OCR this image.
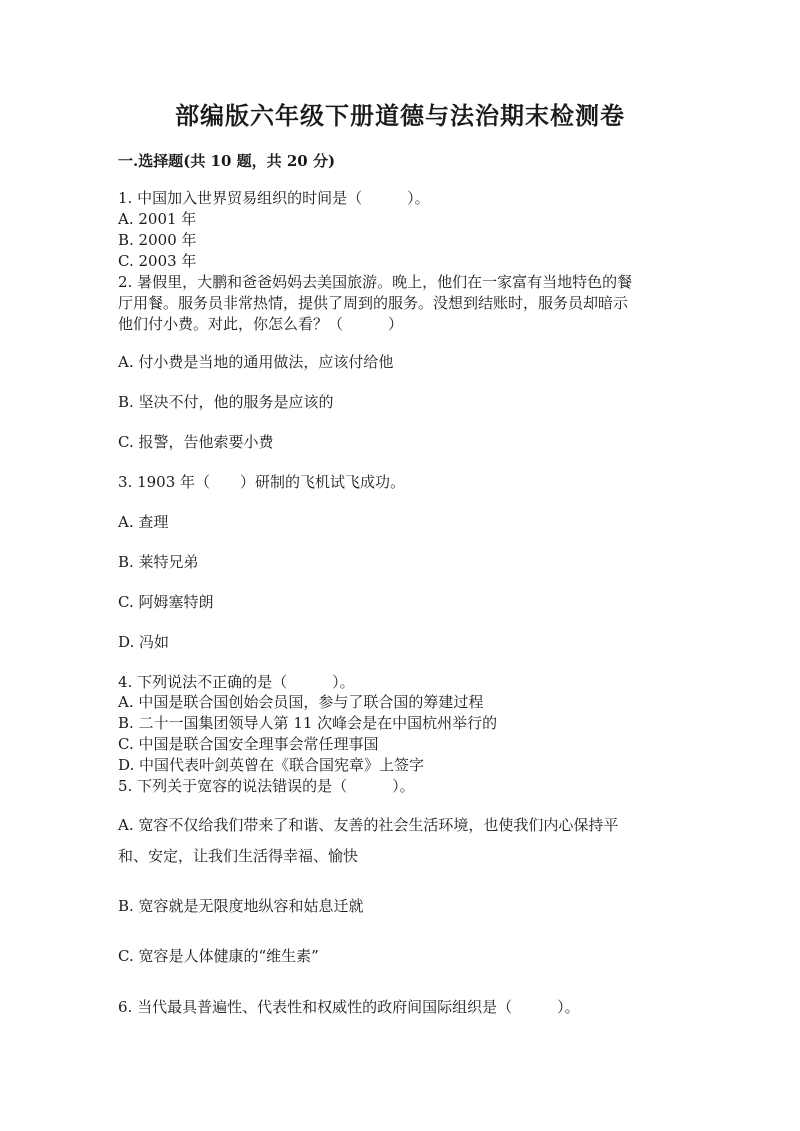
部编版六年级下册道德与法治期末检测卷
一.选择题(共 10 题，共 20 分)
1. 中国加入世界贸易组织的时间是（　　　）。
A. 2001 年
B. 2000 年
C. 2003 年
2. 暑假里，大鹏和爸爸妈妈去美国旅游。晚上，他们在一家富有当地特色的餐
厅用餐。服务员非常热情，提供了周到的服务。没想到结账时，服务员却暗示
他们付小费。对此，你怎么看？（　　　）
A. 付小费是当地的通用做法，应该付给他
B. 坚决不付，他的服务是应该的
C. 报警，告他索要小费
3. 1903 年（　　）研制的飞机试飞成功。
A. 查理
B. 莱特兄弟
C. 阿姆塞特朗
D. 冯如
4. 下列说法不正确的是（　　　）。
A. 中国是联合国创始会员国，参与了联合国的筹建过程
B. 二十一国集团领导人第 11 次峰会是在中国杭州举行的
C. 中国是联合国安全理事会常任理事国
D. 中国代表叶剑英曾在《联合国宪章》上签字
5. 下列关于宽容的说法错误的是（　　　）。
A. 宽容不仅给我们带来了和谐、友善的社会生活环境，也使我们内心保持平
和、安定，让我们生活得幸福、愉快
B. 宽容就是无限度地纵容和姑息迁就
C. 宽容是人体健康的“维生素”
6. 当代最具普遍性、代表性和权威性的政府间国际组织是（　　　）。
